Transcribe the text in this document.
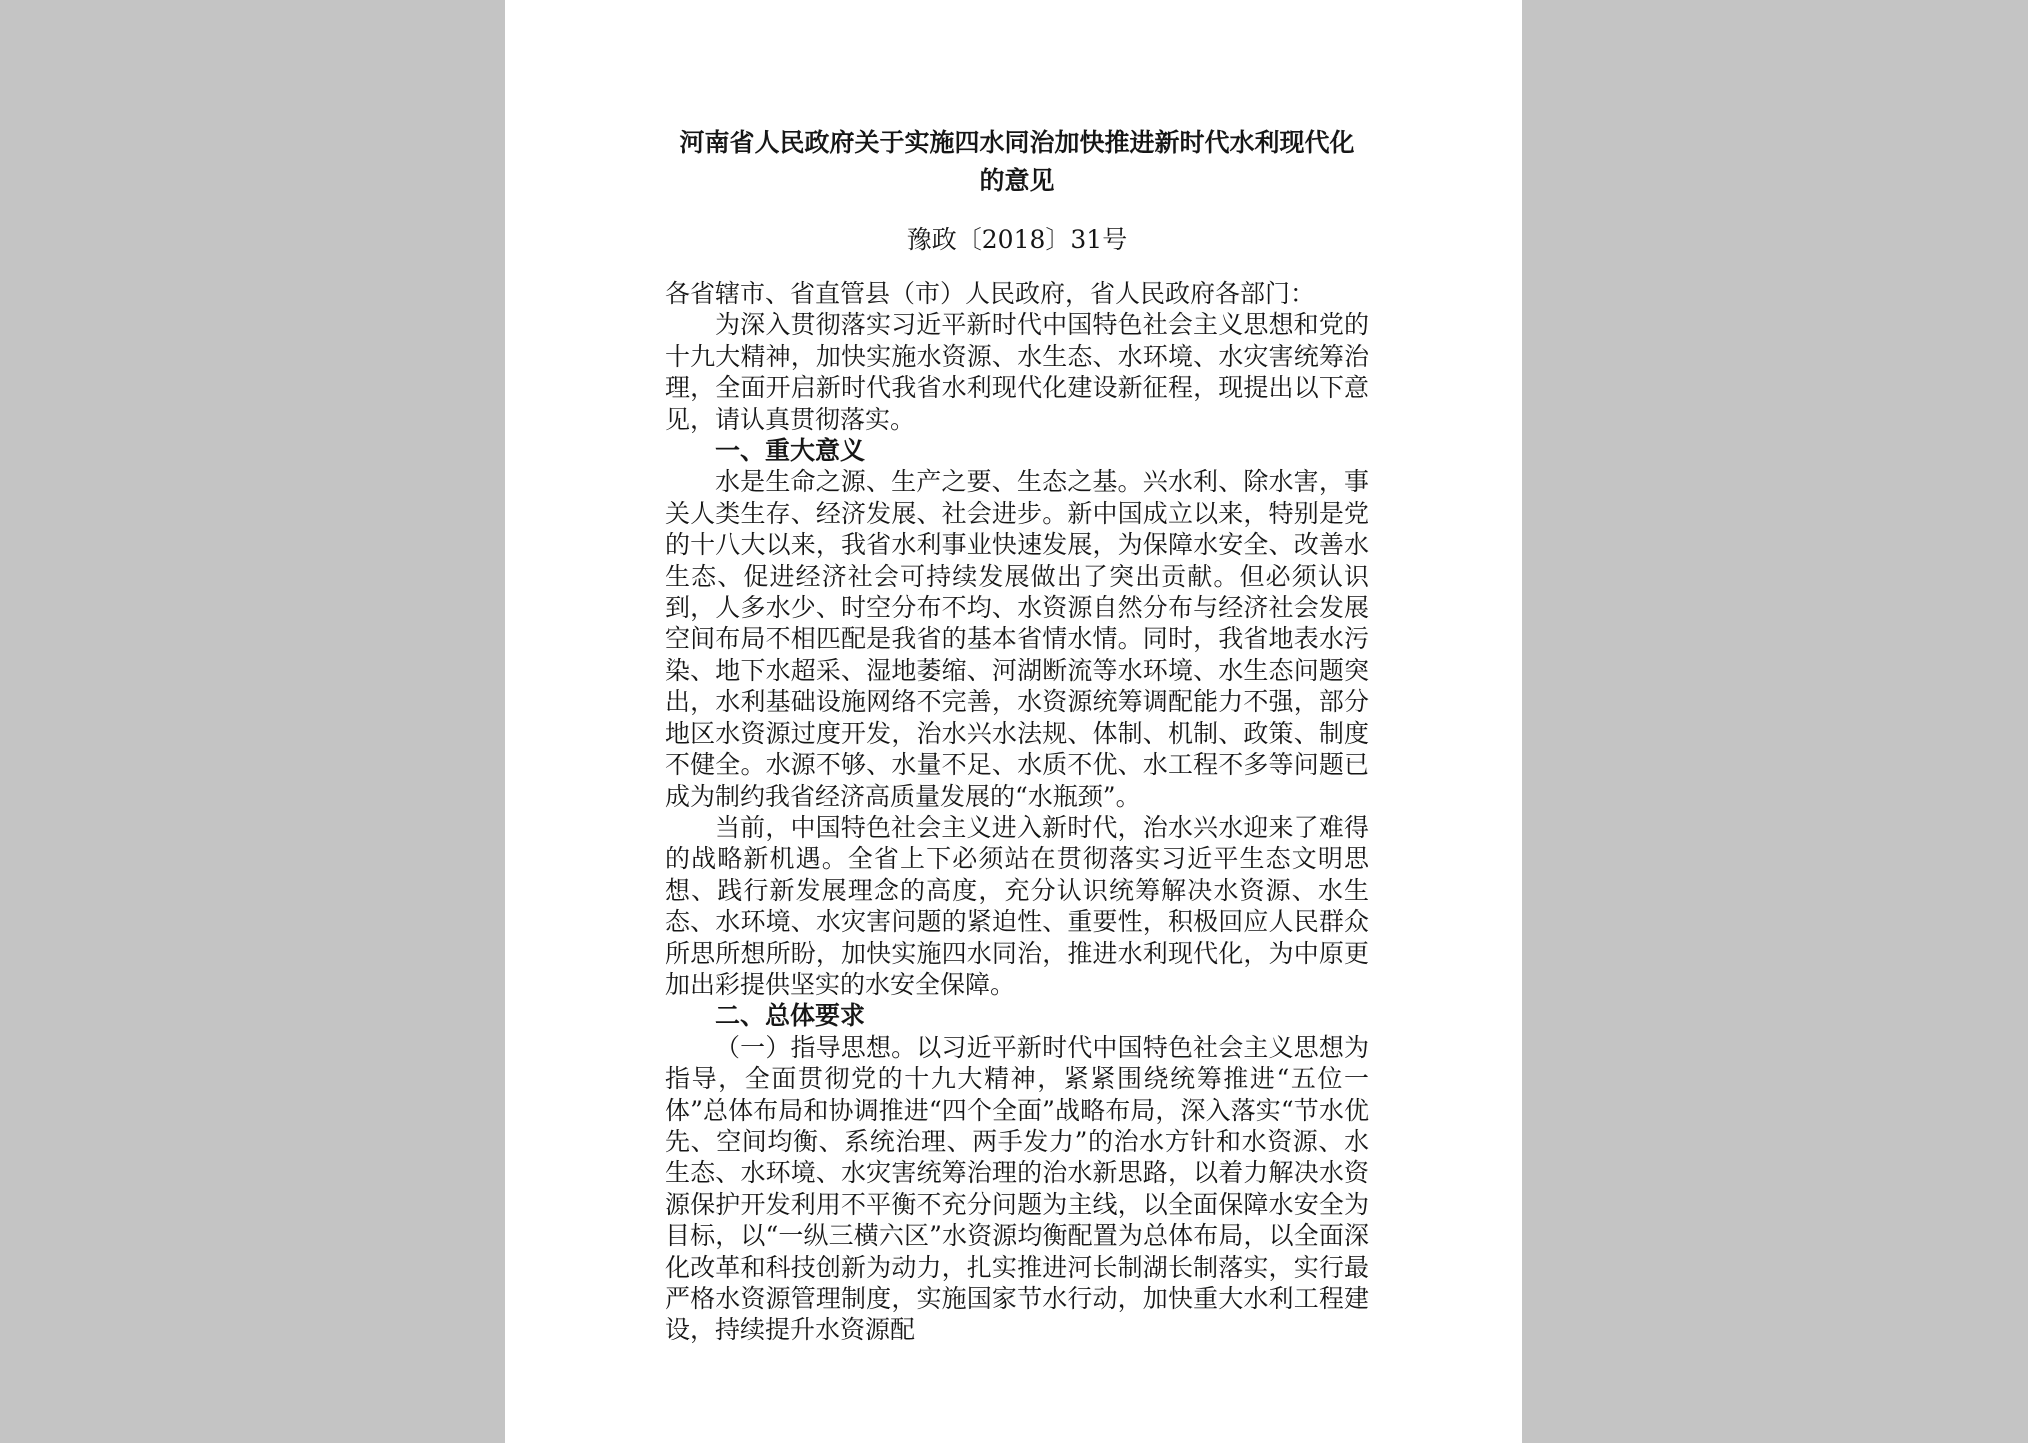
河南省人民政府关于实施四水同治加快推进新时代水利现代化的意见
豫政〔2018〕31号

各省辖市、省直管县（市）人民政府，省人民政府各部门：

为深入贯彻落实习近平新时代中国特色社会主义思想和党的十九大精神，加快实施水资源、水生态、水环境、水灾害统筹治理，全面开启新时代我省水利现代化建设新征程，现提出以下意见，请认真贯彻落实。

一、重大意义

水是生命之源、生产之要、生态之基。兴水利、除水害，事关人类生存、经济发展、社会进步。新中国成立以来，特别是党的十八大以来，我省水利事业快速发展，为保障水安全、改善水生态、促进经济社会可持续发展做出了突出贡献。但必须认识到，人多水少、时空分布不均、水资源自然分布与经济社会发展空间布局不相匹配是我省的基本省情水情。同时，我省地表水污染、地下水超采、湿地萎缩、河湖断流等水环境、水生态问题突出，水利基础设施网络不完善，水资源统筹调配能力不强，部分地区水资源过度开发，治水兴水法规、体制、机制、政策、制度不健全。水源不够、水量不足、水质不优、水工程不多等问题已成为制约我省经济高质量发展的“水瓶颈”。

当前，中国特色社会主义进入新时代，治水兴水迎来了难得的战略新机遇。全省上下必须站在贯彻落实习近平生态文明思想、践行新发展理念的高度，充分认识统筹解决水资源、水生态、水环境、水灾害问题的紧迫性、重要性，积极回应人民群众所思所想所盼，加快实施四水同治，推进水利现代化，为中原更加出彩提供坚实的水安全保障。

二、总体要求

（一）指导思想。以习近平新时代中国特色社会主义思想为指导，全面贯彻党的十九大精神，紧紧围绕统筹推进“五位一体”总体布局和协调推进“四个全面”战略布局，深入落实“节水优先、空间均衡、系统治理、两手发力”的治水方针和水资源、水生态、水环境、水灾害统筹治理的治水新思路，以着力解决水资源保护开发利用不平衡不充分问题为主线，以全面保障水安全为目标，以“一纵三横六区”水资源均衡配置为总体布局，以全面深化改革和科技创新为动力，扎实推进河长制湖长制落实，实行最严格水资源管理制度，实施国家节水行动，加快重大水利工程建设，持续提升水资源配
